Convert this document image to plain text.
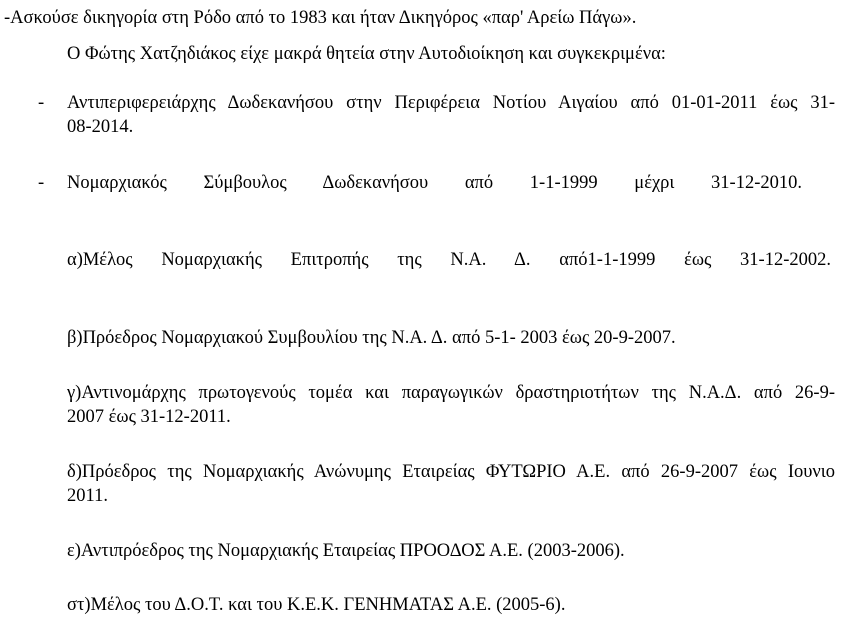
-Ασκούσε δικηγορία στη Ρόδο από το 1983 και ήταν Δικηγόρος «παρ' Αρείω Πάγω».
Ο Φώτης Χατζηδιάκος είχε μακρά θητεία στην Αυτοδιοίκηση και συγκεκριμένα:
- Αντιπεριφερειάρχης Δωδεκανήσου στην Περιφέρεια Νοτίου Αιγαίου από 01-01-2011 έως 31-
08-2014.
- Νομαρχιακός Σύμβουλος Δωδεκανήσου από 1-1-1999 μέχρι 31-12-2010.
α)Μέλος Νομαρχιακής Επιτροπής της Ν.Α. Δ. από1-1-1999 έως 31-12-2002.
β)Πρόεδρος Νομαρχιακού Συμβουλίου της Ν.Α. Δ. από 5-1- 2003 έως 20-9-2007.
γ)Αντινομάρχης πρωτογενούς τομέα και παραγωγικών δραστηριοτήτων της Ν.Α.Δ. από 26-9-
2007 έως 31-12-2011.
δ)Πρόεδρος της Νομαρχιακής Ανώνυμης Εταιρείας ΦΥΤΩΡΙΟ Α.Ε. από 26-9-2007 έως Ιουνιο
2011.
ε)Αντιπρόεδρος της Νομαρχιακής Εταιρείας ΠΡΟΟΔΟΣ Α.Ε. (2003-2006).
στ)Μέλος του Δ.Ο.Τ. και του Κ.Ε.Κ. ΓΕΝΗΜΑΤΑΣ Α.Ε. (2005-6).
